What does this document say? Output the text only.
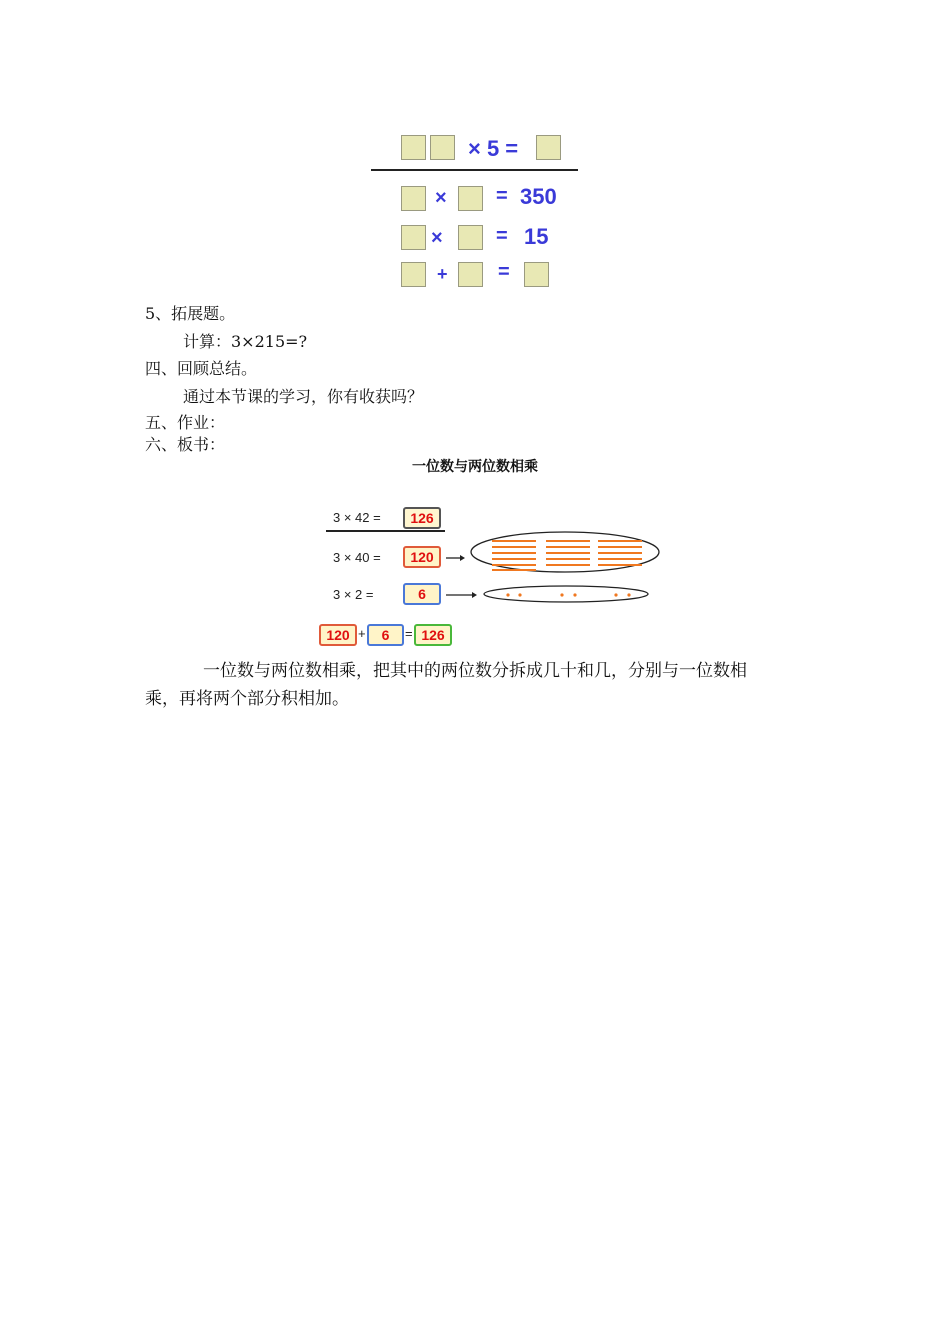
× 5 =
× = 350
×	= 15
+	=
5、拓展题。
计算：3×215=?
四、回顾总结。
通过本节课的学习，你有收获吗？
五、作业：
六、板书：
一位数与两位数相乘
3 × 42 =	126
3 × 40 =	120
3 × 2 =	6
120 +	6	= 126
一位数与两位数相乘，把其中的两位数分拆成几十和几，分别与一位数相
乘，再将两个部分积相加。
